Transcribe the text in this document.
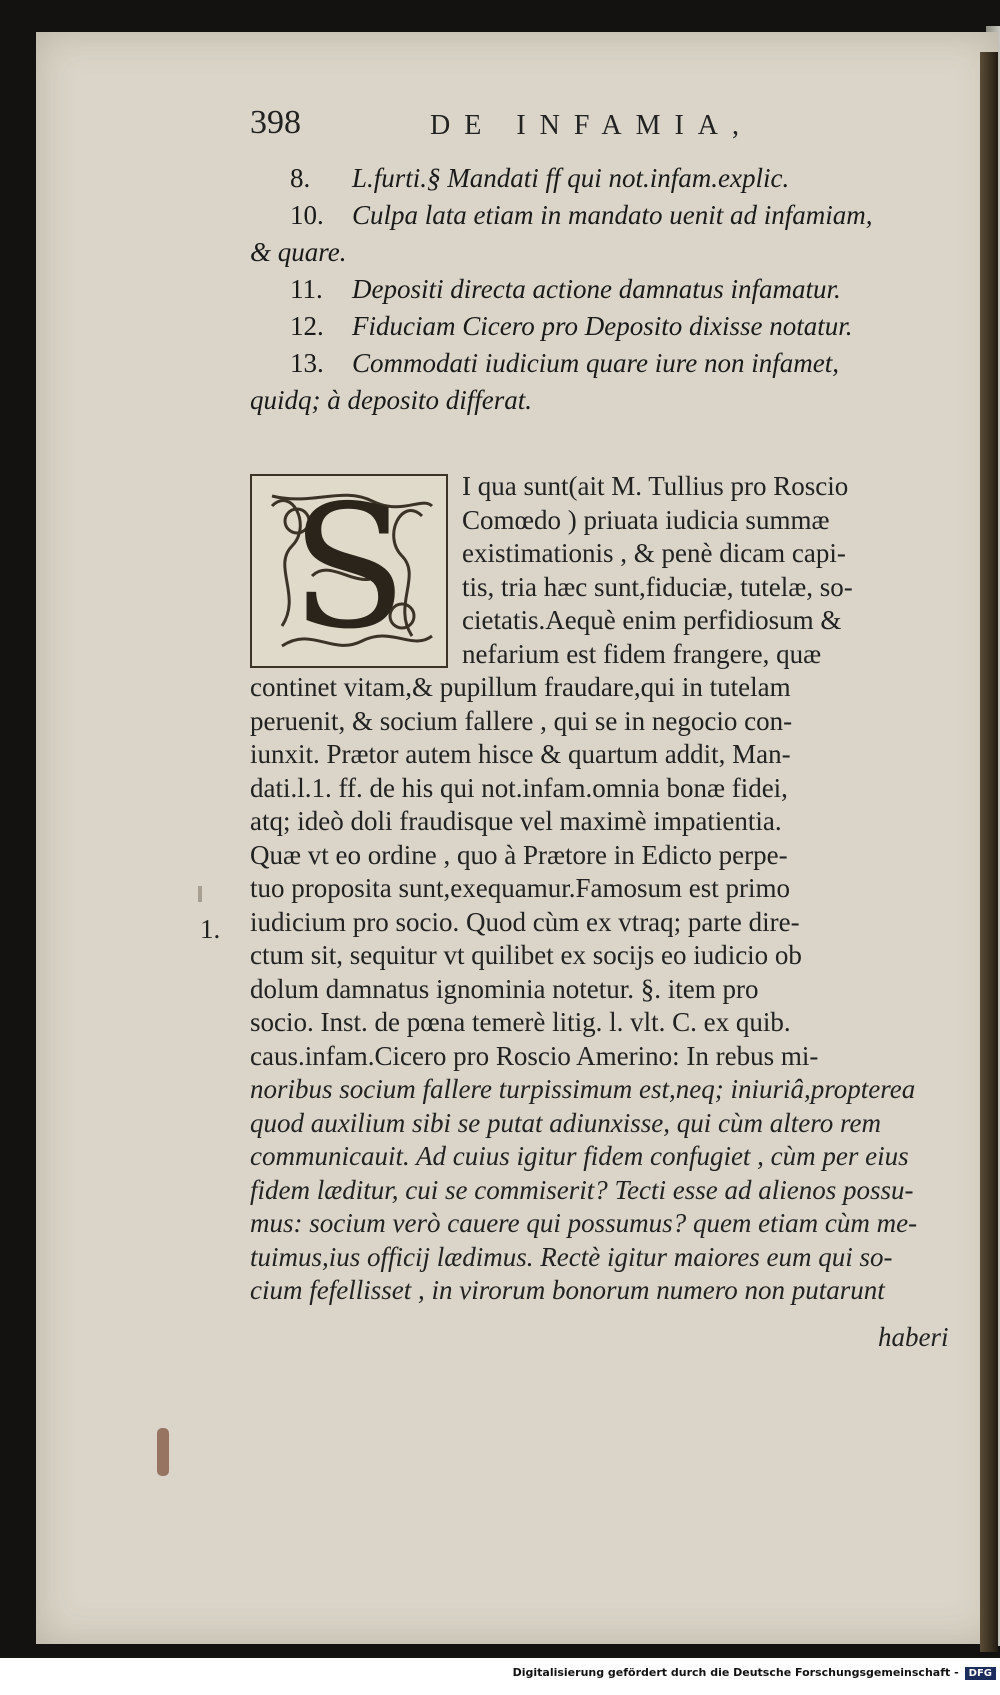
398	DE INFAMIA,
8. L.furti.§ Mandati ff qui not.infam.explic.
10. Culpa lata etiam in mandato uenit ad infamiam,
& quare.
11. Depositi directa actione damnatus infamatur.
12. Fiduciam Cicero pro Deposito dixisse notatur.
13. Commodati iudicium quare iure non infamet,
quidq; à deposito differat.
1.
S	I qua sunt(ait M. Tullius pro Roscio
Comœdo ) priuata iudicia summæ
existimationis , & penè dicam capi-
tis, tria hæc sunt,fiduciæ, tutelæ, so-
cietatis.Aequè enim perfidiosum &
nefarium est fidem frangere, quæ
continet vitam,& pupillum fraudare,qui in tutelam
peruenit, & socium fallere , qui se in negocio con-
iunxit. Prætor autem hisce & quartum addit, Man-
dati.l.1. ff. de his qui not.infam.omnia bonæ fidei,
atq; ideò doli fraudisque vel maximè impatientia.
Quæ vt eo ordine , quo à Prætore in Edicto perpe-
tuo proposita sunt,exequamur.Famosum est primo
iudicium pro socio. Quod cùm ex vtraq; parte dire-
ctum sit, sequitur vt quilibet ex socijs eo iudicio ob
dolum damnatus ignominia notetur. §. item pro
socio. Inst. de pœna temerè litig. l. vlt. C. ex quib.
caus.infam.Cicero pro Roscio Amerino: In rebus mi-
noribus socium fallere turpissimum est,neq; iniuriâ,propterea
quod auxilium sibi se putat adiunxisse, qui cùm altero rem
communicauit. Ad cuius igitur fidem confugiet , cùm per eius
fidem læditur, cui se commiserit? Tecti esse ad alienos possu-
mus: socium verò cauere qui possumus? quem etiam cùm me-
tuimus,ius officij lædimus. Rectè igitur maiores eum qui so-
cium fefellisset , in virorum bonorum numero non putarunt
haberi
Digitalisierung gefördert durch die Deutsche Forschungsgemeinschaft - DFG
